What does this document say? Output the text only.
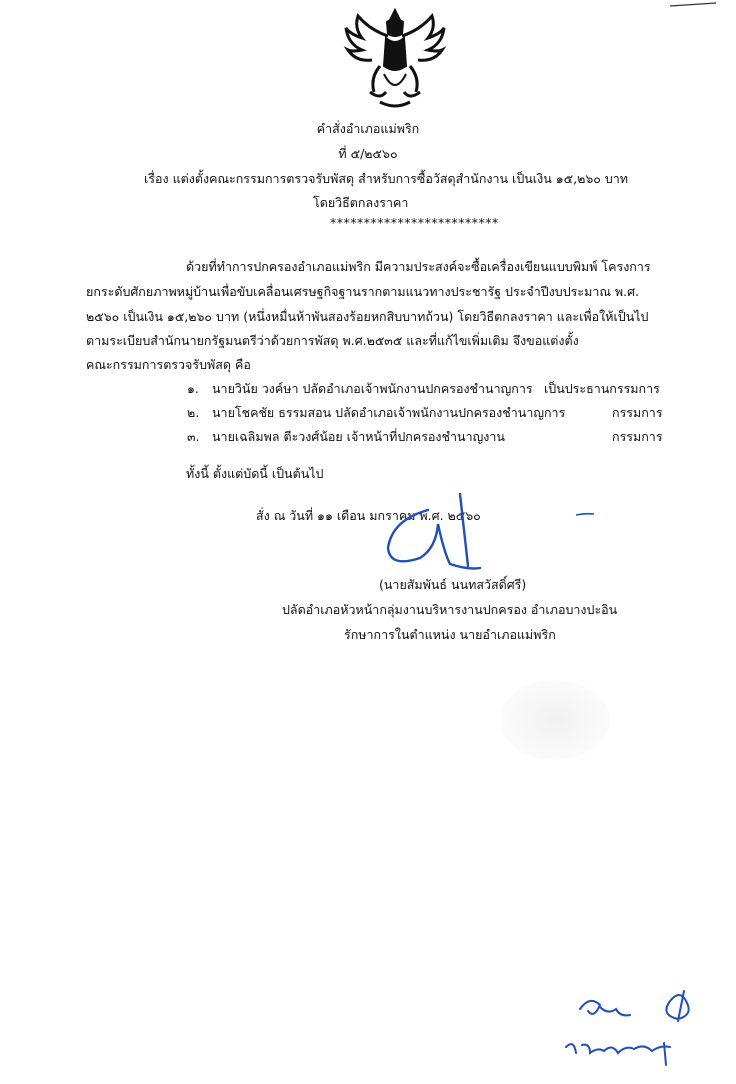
คำสั่งอำเภอแม่พริก
ที่ ๕/๒๕๖๐
เรื่อง แต่งตั้งคณะกรรมการตรวจรับพัสดุ สำหรับการซื้อวัสดุสำนักงาน เป็นเงิน ๑๕,๒๖๐ บาท
โดยวิธีตกลงราคา
*************************
ด้วยที่ทำการปกครองอำเภอแม่พริก มีความประสงค์จะซื้อเครื่องเขียนแบบพิมพ์ โครงการ
ยกระดับศักยภาพหมู่บ้านเพื่อขับเคลื่อนเศรษฐกิจฐานรากตามแนวทางประชารัฐ ประจำปีงบประมาณ พ.ศ.
๒๕๖๐ เป็นเงิน ๑๕,๒๖๐ บาท (หนึ่งหมื่นห้าพันสองร้อยหกสิบบาทถ้วน) โดยวิธีตกลงราคา และเพื่อให้เป็นไป
ตามระเบียบสำนักนายกรัฐมนตรีว่าด้วยการพัสดุ พ.ศ.๒๕๓๕ และที่แก้ไขเพิ่มเติม จึงขอแต่งตั้ง
คณะกรรมการตรวจรับพัสดุ คือ
๑. นายวินัย วงค์ษา ปลัดอำเภอเจ้าพนักงานปกครองชำนาญการ เป็นประธานกรรมการ
๒. นายโชคชัย ธรรมสอน ปลัดอำเภอเจ้าพนักงานปกครองชำนาญการ	กรรมการ
๓. นายเฉลิมพล ตีะวงศ์น้อย เจ้าหน้าที่ปกครองชำนาญงาน	กรรมการ
ทั้งนี้ ตั้งแต่บัดนี้ เป็นต้นไป
สั่ง ณ วันที่ ๑๑ เดือน มกราคม พ.ศ. ๒๕๖๐
(นายสัมพันธ์ นนทสวัสดิ์ศรี)
ปลัดอำเภอหัวหน้ากลุ่มงานบริหารงานปกครอง อำเภอบางปะอิน
รักษาการในตำแหน่ง นายอำเภอแม่พริก
